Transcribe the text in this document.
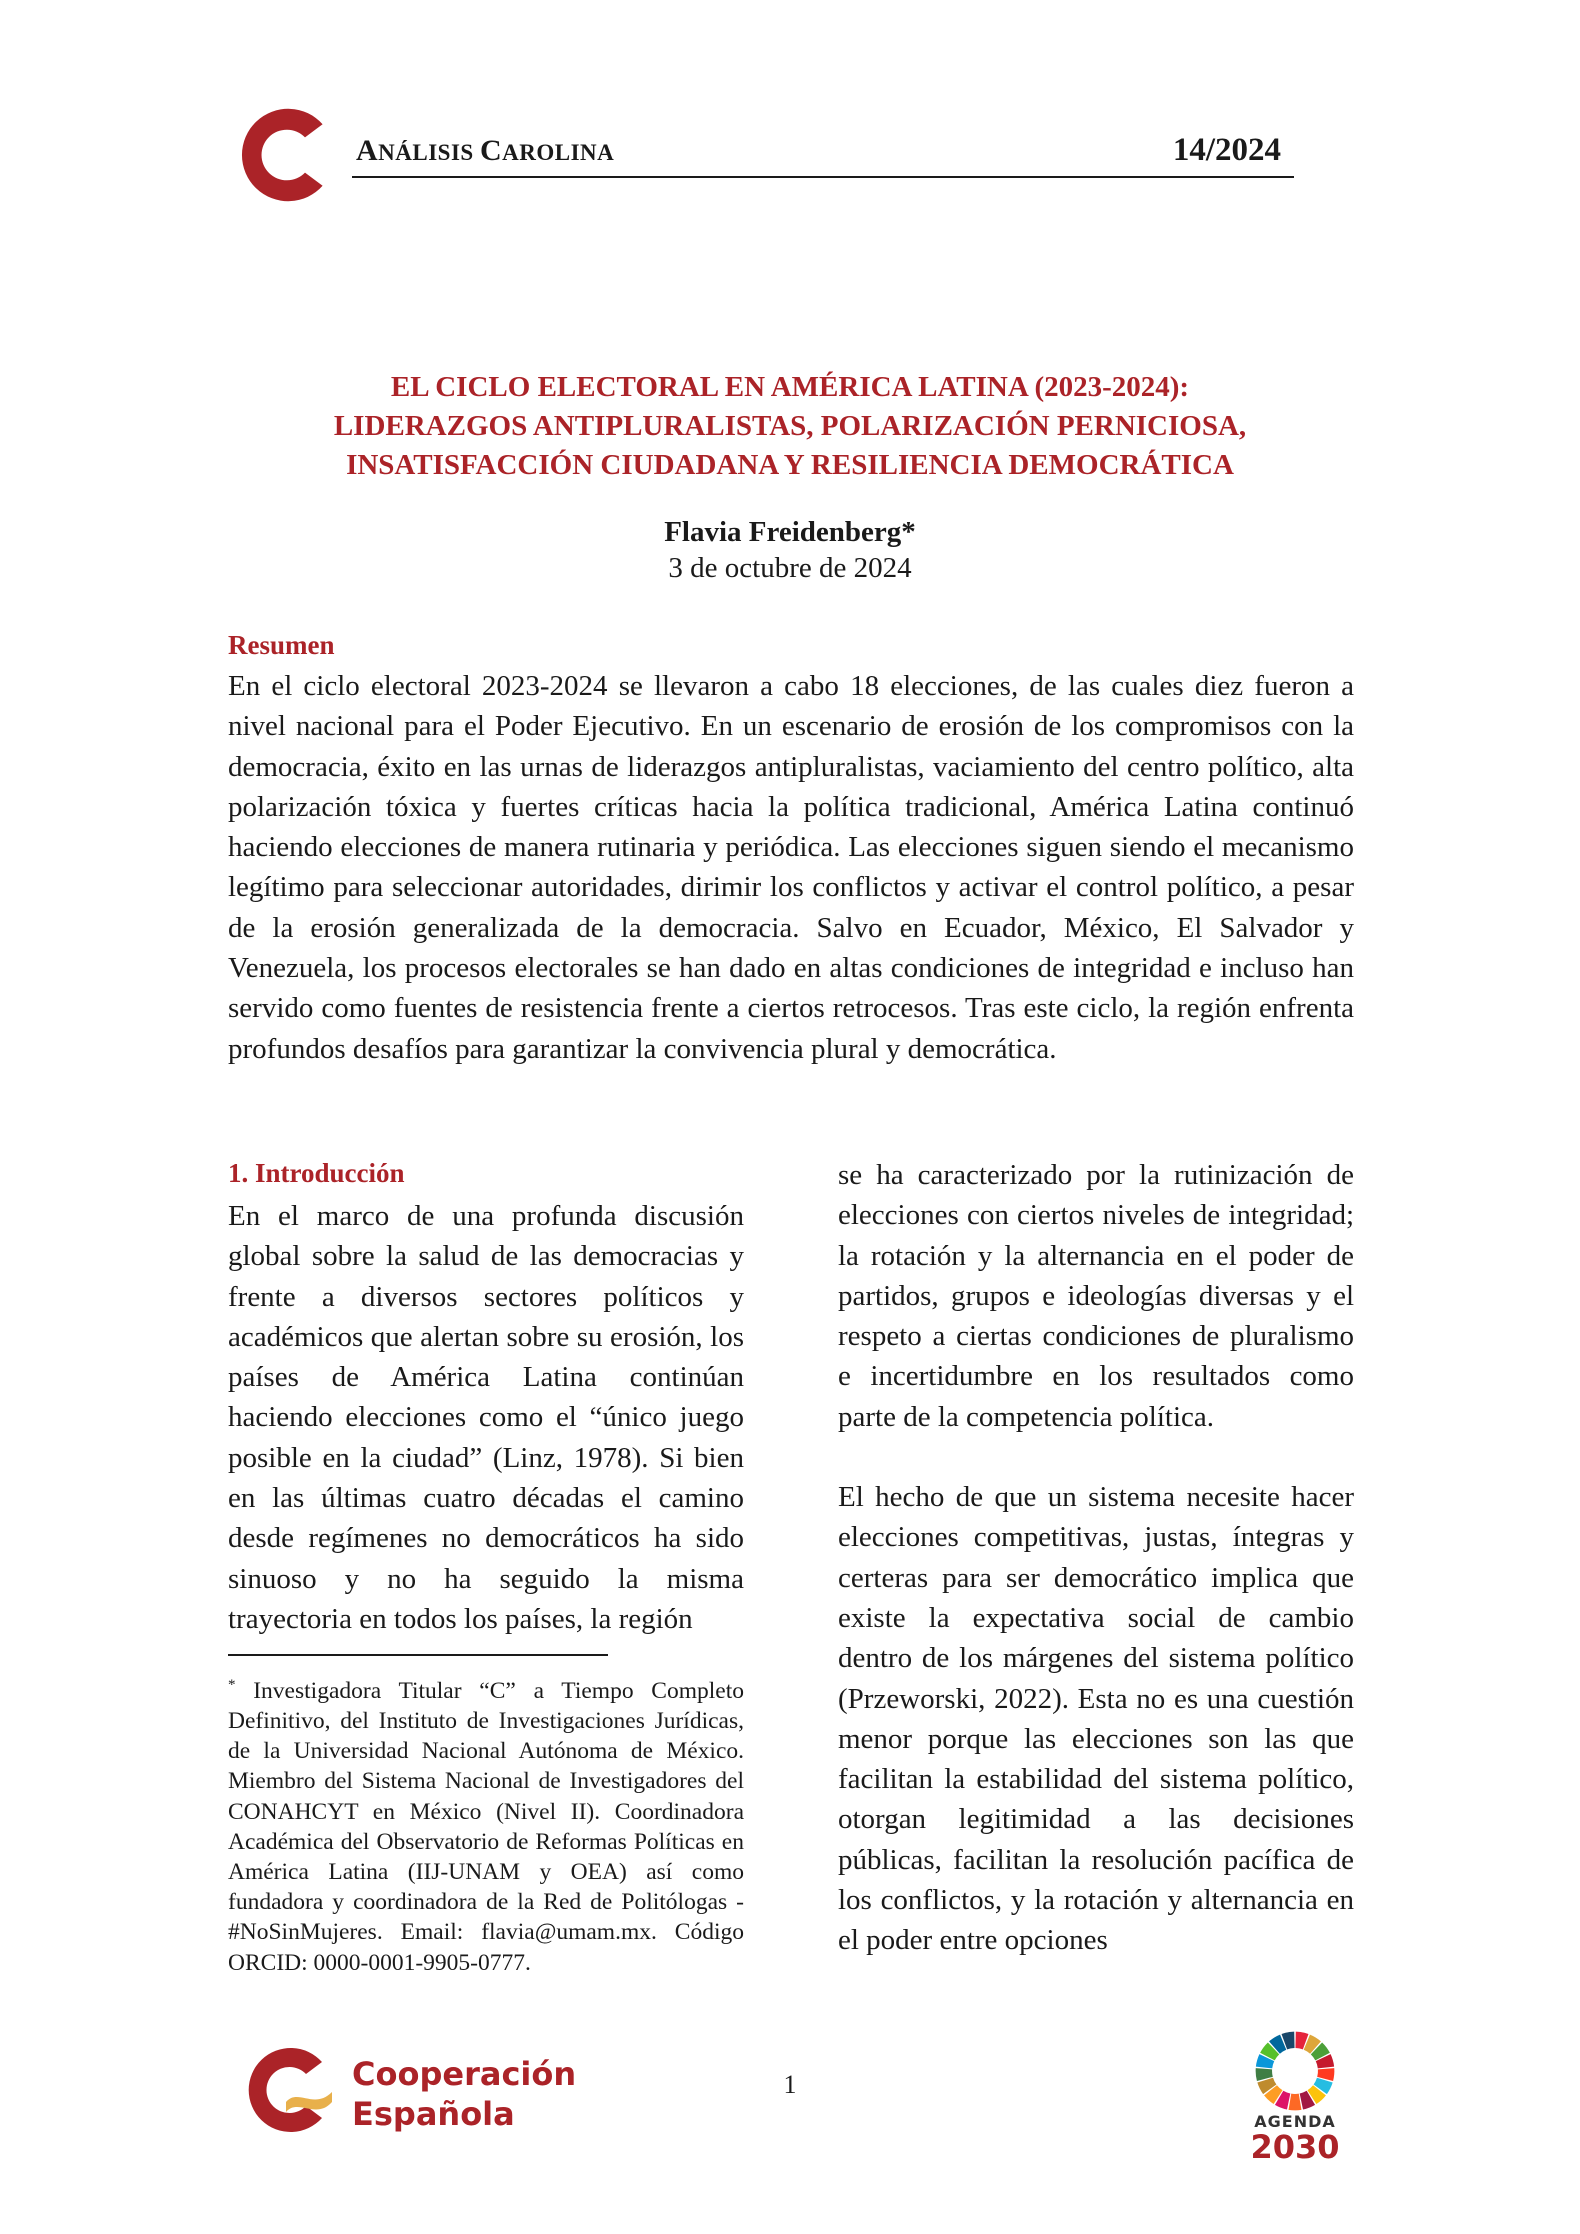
ANÁLISIS CAROLINA	14/2024
EL CICLO ELECTORAL EN AMÉRICA LATINA (2023-2024):
LIDERAZGOS ANTIPLURALISTAS, POLARIZACIÓN PERNICIOSA,
INSATISFACCIÓN CIUDADANA Y RESILIENCIA DEMOCRÁTICA
Flavia Freidenberg*
3 de octubre de 2024
Resumen
En el ciclo electoral 2023-2024 se llevaron a cabo 18 elecciones, de las cuales diez fueron a nivel nacional para el Poder Ejecutivo. En un escenario de erosión de los compromisos con la democracia, éxito en las urnas de liderazgos antipluralistas, vaciamiento del centro político, alta polarización tóxica y fuertes críticas hacia la política tradicional, América Latina continuó haciendo elecciones de manera rutinaria y periódica. Las elecciones siguen siendo el mecanismo legítimo para seleccionar autoridades, dirimir los conflictos y activar el control político, a pesar de la erosión generalizada de la democracia. Salvo en Ecuador, México, El Salvador y Venezuela, los procesos electorales se han dado en altas condiciones de integridad e incluso han servido como fuentes de resistencia frente a ciertos retrocesos. Tras este ciclo, la región enfrenta profundos desafíos para garantizar la convivencia plural y democrática.
1. Introducción
En el marco de una profunda discusión global sobre la salud de las democracias y frente a diversos sectores políticos y académicos que alertan sobre su erosión, los países de América Latina continúan haciendo elecciones como el “único juego posible en la ciudad” (Linz, 1978). Si bien en las últimas cuatro décadas el camino desde regímenes no democráticos ha sido sinuoso y no ha seguido la misma trayectoria en todos los países, la región
* Investigadora Titular “C” a Tiempo Completo Definitivo, del Instituto de Investigaciones Jurídicas, de la Universidad Nacional Autónoma de México. Miembro del Sistema Nacional de Investigadores del CONAHCYT en México (Nivel II). Coordinadora Académica del Observatorio de Reformas Políticas en América Latina (IIJ-UNAM y OEA) así como fundadora y coordinadora de la Red de Politólogas - #NoSinMujeres. Email: flavia@umam.mx. Código ORCID: 0000-0001-9905-0777.

se ha caracterizado por la rutinización de elecciones con ciertos niveles de integridad; la rotación y la alternancia en el poder de partidos, grupos e ideologías diversas y el respeto a ciertas condiciones de pluralismo e incertidumbre en los resultados como parte de la competencia política.

El hecho de que un sistema necesite hacer elecciones competitivas, justas, íntegras y certeras para ser democrático implica que existe la expectativa social de cambio dentro de los márgenes del sistema político (Przeworski, 2022). Esta no es una cuestión menor porque las elecciones son las que facilitan la estabilidad del sistema político, otorgan legitimidad a las decisiones públicas, facilitan la resolución pacífica de los conflictos, y la rotación y alternancia en el poder entre opciones

Cooperación
Española
1
AGENDA
2030
